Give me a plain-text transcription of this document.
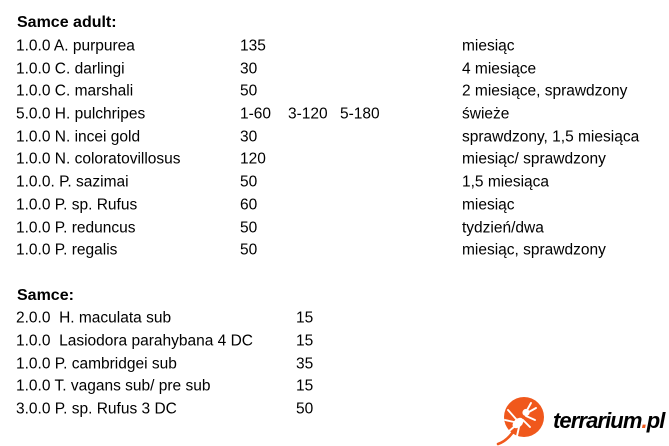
Samce adult:
1.0.0 A. purpurea	135	miesiąc
1.0.0 C. darlingi	30	4 miesiące
1.0.0 C. marshali	50	2 miesiące, sprawdzony
5.0.0 H. pulchripes	1-60 3-120 5-180	świeże
1.0.0 N. incei gold	30	sprawdzony, 1,5 miesiąca
1.0.0 N. coloratovillosus	120	miesiąc/ sprawdzony
1.0.0. P. sazimai	50	1,5 miesiąca
1.0.0 P. sp. Rufus	60	miesiąc
1.0.0 P. reduncus	50	tydzień/dwa
1.0.0 P. regalis	50	miesiąc, sprawdzony
Samce:
2.0.0  H. maculata sub	15
1.0.0  Lasiodora parahybana 4 DC	15
1.0.0 P. cambridgei sub	35
1.0.0 T. vagans sub/ pre sub	15
3.0.0 P. sp. Rufus 3 DC	50	terrarium.pl
